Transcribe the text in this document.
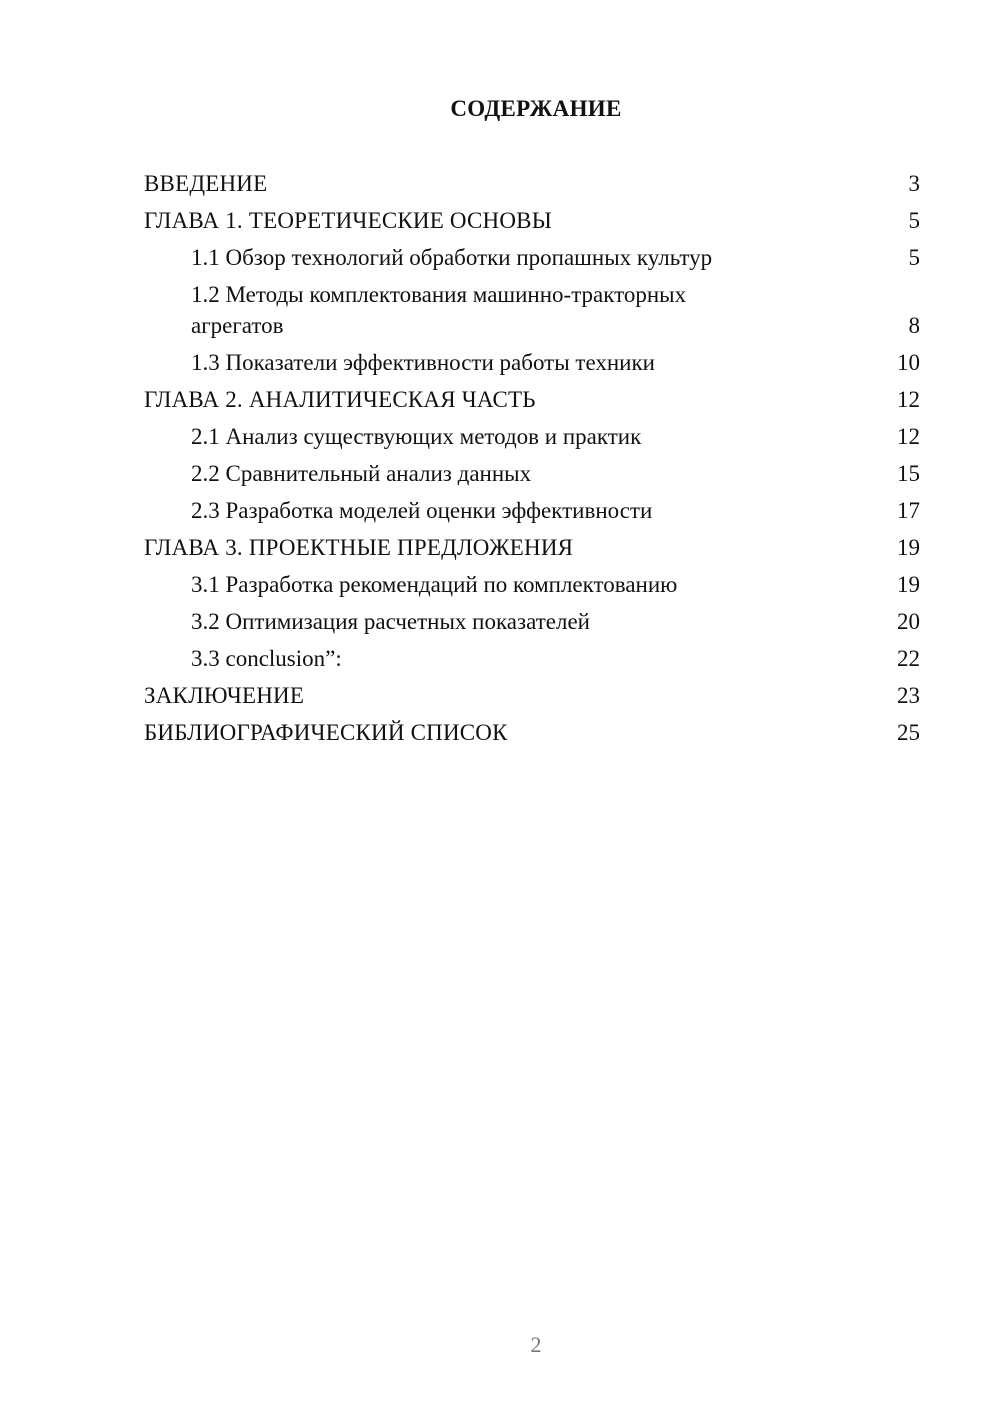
СОДЕРЖАНИЕ
ВВЕДЕНИЕ	3
ГЛАВА 1. ТЕОРЕТИЧЕСКИЕ ОСНОВЫ	5
1.1 Обзор технологий обработки пропашных культур	5
1.2 Методы комплектования машинно-тракторных агрегатов	8
1.3 Показатели эффективности работы техники	10
ГЛАВА 2. АНАЛИТИЧЕСКАЯ ЧАСТЬ	12
2.1 Анализ существующих методов и практик	12
2.2 Сравнительный анализ данных	15
2.3 Разработка моделей оценки эффективности	17
ГЛАВА 3. ПРОЕКТНЫЕ ПРЕДЛОЖЕНИЯ	19
3.1 Разработка рекомендаций по комплектованию	19
3.2 Оптимизация расчетных показателей	20
3.3 conclusion”:	22
ЗАКЛЮЧЕНИЕ	23
БИБЛИОГРАФИЧЕСКИЙ СПИСОК	25
2
